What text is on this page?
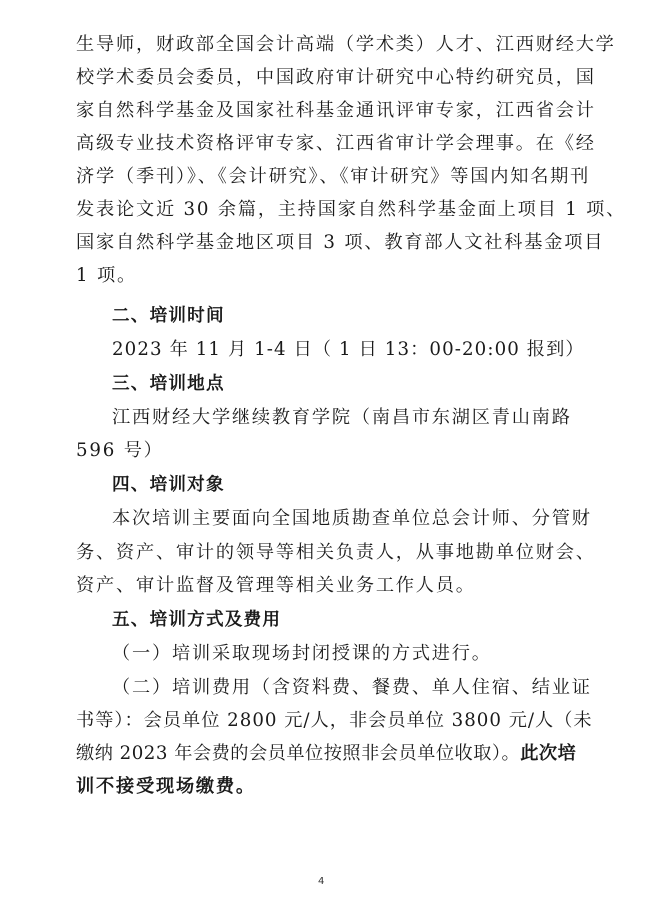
生导师，财政部全国会计高端（学术类）人才、江西财经大学
校学术委员会委员，中国政府审计研究中心特约研究员，国
家自然科学基金及国家社科基金通讯评审专家，江西省会计
高级专业技术资格评审专家、江西省审计学会理事。在《经
济学（季刊）》、《会计研究》、《审计研究》等国内知名期刊
发表论文近 30 余篇，主持国家自然科学基金面上项目 1 项、
国家自然科学基金地区项目 3 项、教育部人文社科基金项目
1 项。
二、培训时间
2023 年 11 月 1-4 日（ 1 日 13：00-20:00 报到）
三、培训地点
江西财经大学继续教育学院（南昌市东湖区青山南路
596 号）
四、培训对象
本次培训主要面向全国地质勘查单位总会计师、分管财
务、资产、审计的领导等相关负责人，从事地勘单位财会、
资产、审计监督及管理等相关业务工作人员。
五、培训方式及费用
（一）培训采取现场封闭授课的方式进行。
（二）培训费用（含资料费、餐费、单人住宿、结业证
书等）：会员单位 2800 元/人，非会员单位 3800 元/人（未
缴纳 2023 年会费的会员单位按照非会员单位收取）。此次培
训不接受现场缴费。
4
